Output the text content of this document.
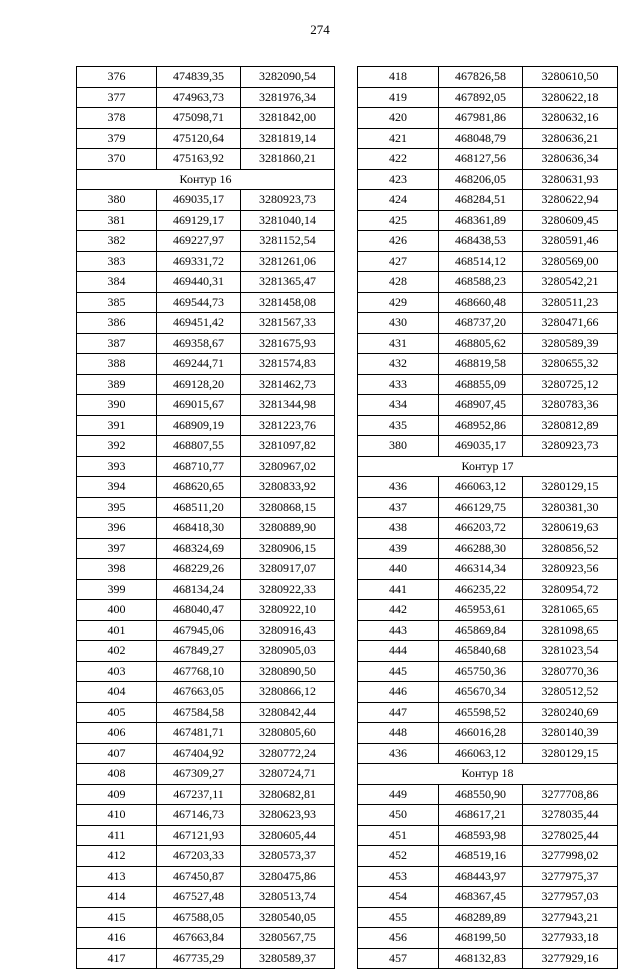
274
376	474839,35	3282090,54
377	474963,73	3281976,34
378	475098,71	3281842,00
379	475120,64	3281819,14
370	475163,92	3281860,21
Контур 16		
380	469035,17	3280923,73
381	469129,17	3281040,14
382	469227,97	3281152,54
383	469331,72	3281261,06
384	469440,31	3281365,47
385	469544,73	3281458,08
386	469451,42	3281567,33
387	469358,67	3281675,93
388	469244,71	3281574,83
389	469128,20	3281462,73
390	469015,67	3281344,98
391	468909,19	3281223,76
392	468807,55	3281097,82
393	468710,77	3280967,02
394	468620,65	3280833,92
395	468511,20	3280868,15
396	468418,30	3280889,90
397	468324,69	3280906,15
398	468229,26	3280917,07
399	468134,24	3280922,33
400	468040,47	3280922,10
401	467945,06	3280916,43
402	467849,27	3280905,03
403	467768,10	3280890,50
404	467663,05	3280866,12
405	467584,58	3280842,44
406	467481,71	3280805,60
407	467404,92	3280772,24
408	467309,27	3280724,71
409	467237,11	3280682,81
410	467146,73	3280623,93
411	467121,93	3280605,44
412	467203,33	3280573,37
413	467450,87	3280475,86
414	467527,48	3280513,74
415	467588,05	3280540,05
416	467663,84	3280567,75
417	467735,29	3280589,37
418	467826,58	3280610,50
419	467892,05	3280622,18
420	467981,86	3280632,16
421	468048,79	3280636,21
422	468127,56	3280636,34
423	468206,05	3280631,93
424	468284,51	3280622,94
425	468361,89	3280609,45
426	468438,53	3280591,46
427	468514,12	3280569,00
428	468588,23	3280542,21
429	468660,48	3280511,23
430	468737,20	3280471,66
431	468805,62	3280589,39
432	468819,58	3280655,32
433	468855,09	3280725,12
434	468907,45	3280783,36
435	468952,86	3280812,89
380	469035,17	3280923,73
Контур 17		
436	466063,12	3280129,15
437	466129,75	3280381,30
438	466203,72	3280619,63
439	466288,30	3280856,52
440	466314,34	3280923,56
441	466235,22	3280954,72
442	465953,61	3281065,65
443	465869,84	3281098,65
444	465840,68	3281023,54
445	465750,36	3280770,36
446	465670,34	3280512,52
447	465598,52	3280240,69
448	466016,28	3280140,39
436	466063,12	3280129,15
Контур 18		
449	468550,90	3277708,86
450	468617,21	3278035,44
451	468593,98	3278025,44
452	468519,16	3277998,02
453	468443,97	3277975,37
454	468367,45	3277957,03
455	468289,89	3277943,21
456	468199,50	3277933,18
457	468132,83	3277929,16
